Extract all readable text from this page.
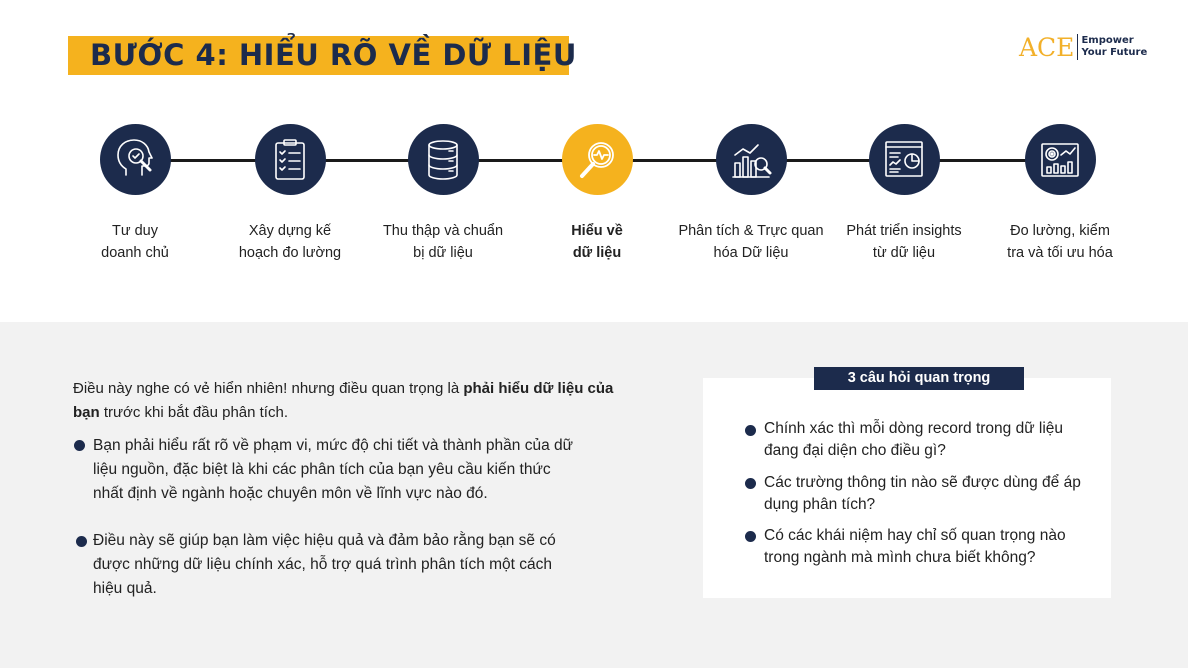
BƯỚC 4: HIỂU RÕ VỀ DỮ LIỆU	ACE Empower
Your Future
Tư duy
doanh chủ
Xây dựng kế
hoạch đo lường
Thu thập và chuẩn
bị dữ liệu
Hiểu về
dữ liệu
Phân tích & Trực quan
hóa Dữ liệu
Phát triển insights
từ dữ liệu
Đo lường, kiểm
tra và tối ưu hóa
Điều này nghe có vẻ hiển nhiên! nhưng điều quan trọng là phải hiểu dữ liệu của bạn trước khi bắt đầu phân tích.
Bạn phải hiểu rất rõ về phạm vi, mức độ chi tiết và thành phần của dữ
liệu nguồn, đặc biệt là khi các phân tích của bạn yêu cầu kiến thức
nhất định về ngành hoặc chuyên môn về lĩnh vực nào đó.
Điều này sẽ giúp bạn làm việc hiệu quả và đảm bảo rằng bạn sẽ có
được những dữ liệu chính xác, hỗ trợ quá trình phân tích một cách
hiệu quả.
3 câu hỏi quan trọng
Chính xác thì mỗi dòng record trong dữ liệu
đang đại diện cho điều gì?
Các trường thông tin nào sẽ được dùng để áp
dụng phân tích?
Có các khái niệm hay chỉ số quan trọng nào
trong ngành mà mình chưa biết không?
